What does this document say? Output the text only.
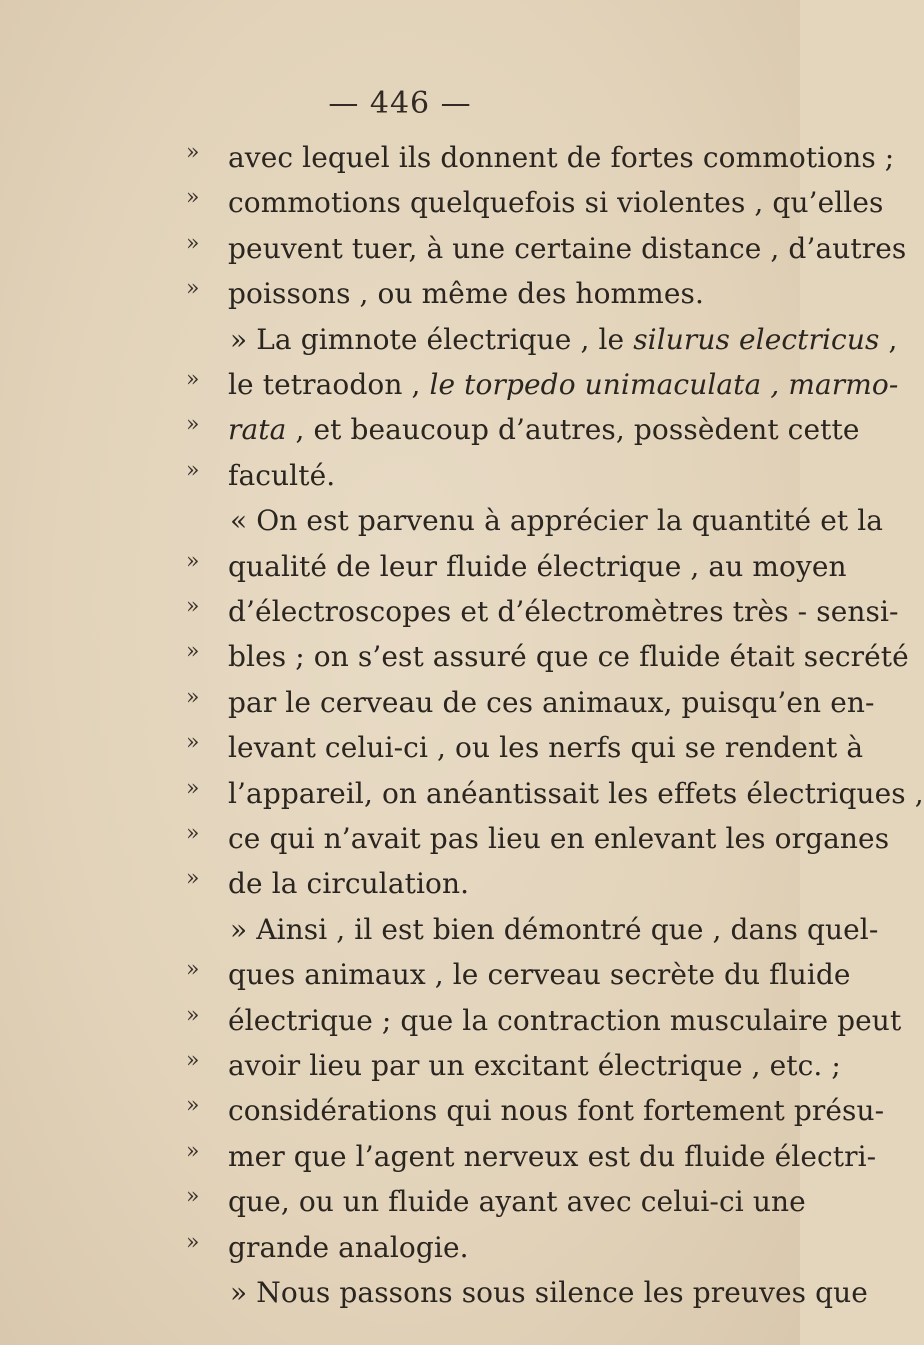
— 446 —
» avec lequel ils donnent de fortes commotions ;
» commotions quelquefois si violentes , qu’elles
» peuvent tuer, à une certaine distance , d’autres
» poissons , ou même des hommes.
» La gimnote électrique , le silurus electricus ,
» le tetraodon , le torpedo unimaculata , marmo-
» rata , et beaucoup d’autres, possèdent cette
» faculté.
« On est parvenu à apprécier la quantité et la
» qualité de leur fluide électrique , au moyen
» d’électroscopes et d’électromètres très - sensi-
» bles ; on s’est assuré que ce fluide était secrété
» par le cerveau de ces animaux, puisqu’en en-
» levant celui-ci , ou les nerfs qui se rendent à
» l’appareil, on anéantissait les effets électriques ,
» ce qui n’avait pas lieu en enlevant les organes
» de la circulation.
» Ainsi , il est bien démontré que , dans quel-
» ques animaux , le cerveau secrète du fluide
» électrique ; que la contraction musculaire peut
» avoir lieu par un excitant électrique , etc. ;
» considérations qui nous font fortement présu-
» mer que l’agent nerveux est du fluide électri-
» que, ou un fluide ayant avec celui-ci une
» grande analogie.
» Nous passons sous silence les preuves que
